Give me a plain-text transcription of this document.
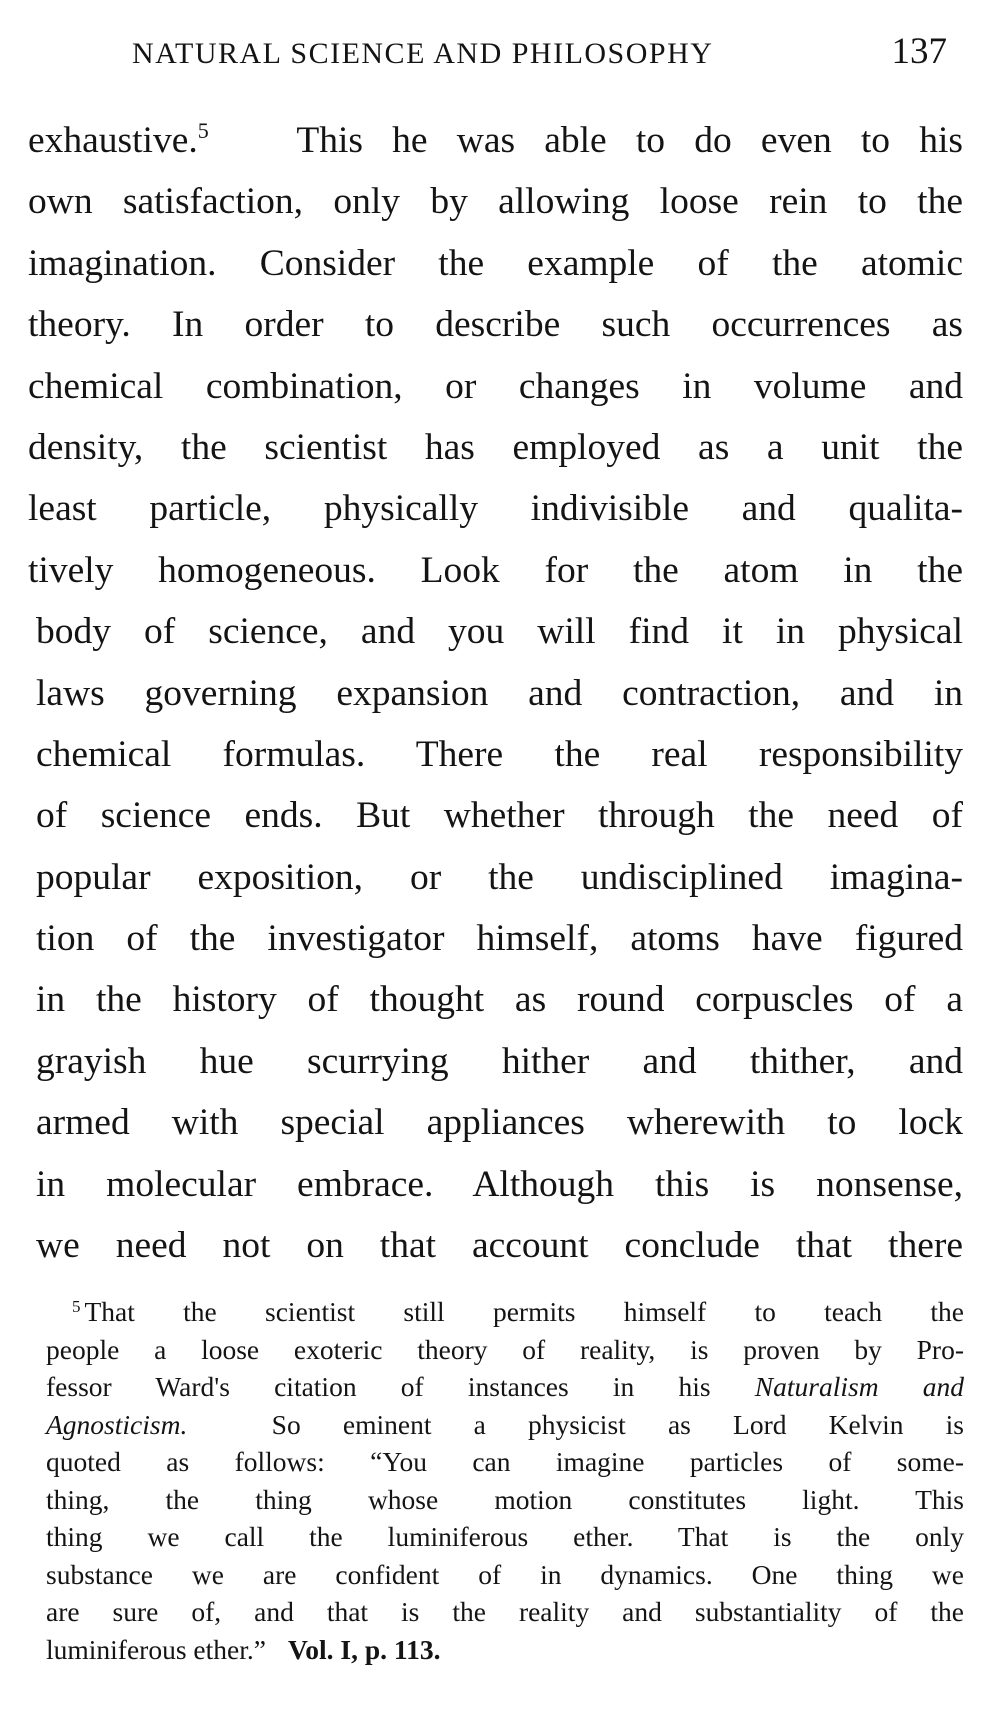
NATURAL SCIENCE AND PHILOSOPHY	137
exhaustive.$^5$ This he was able to do even to his
own satisfaction, only by allowing loose rein to the
imagination. Consider the example of the atomic
theory. In order to describe such occurrences as
chemical combination, or changes in volume and
density, the scientist has employed as a unit the
least particle, physically indivisible and qualita-
tively homogeneous. Look for the atom in the
body of science, and you will find it in physical
laws governing expansion and contraction, and in
chemical formulas. There the real responsibility
of science ends. But whether through the need of
popular exposition, or the undisciplined imagina-
tion of the investigator himself, atoms have figured
in the history of thought as round corpuscles of a
grayish hue scurrying hither and thither, and
armed with special appliances wherewith to lock
in molecular embrace. Although this is nonsense,
we need not on that account conclude that there
$^5$ That the scientist still permits himself to teach the
people a loose exoteric theory of reality, is proven by Pro-
fessor Ward's citation of instances in his Naturalism and
Agnosticism.	So eminent a physicist as Lord Kelvin is
quoted as follows: “You can imagine particles of some-
thing, the thing whose motion constitutes light. This
thing we call the luminiferous ether. That is the only
substance we are confident of in dynamics. One thing we
are sure of, and that is the reality and substantiality of the
luminiferous ether.” Vol. I, p. 113.
